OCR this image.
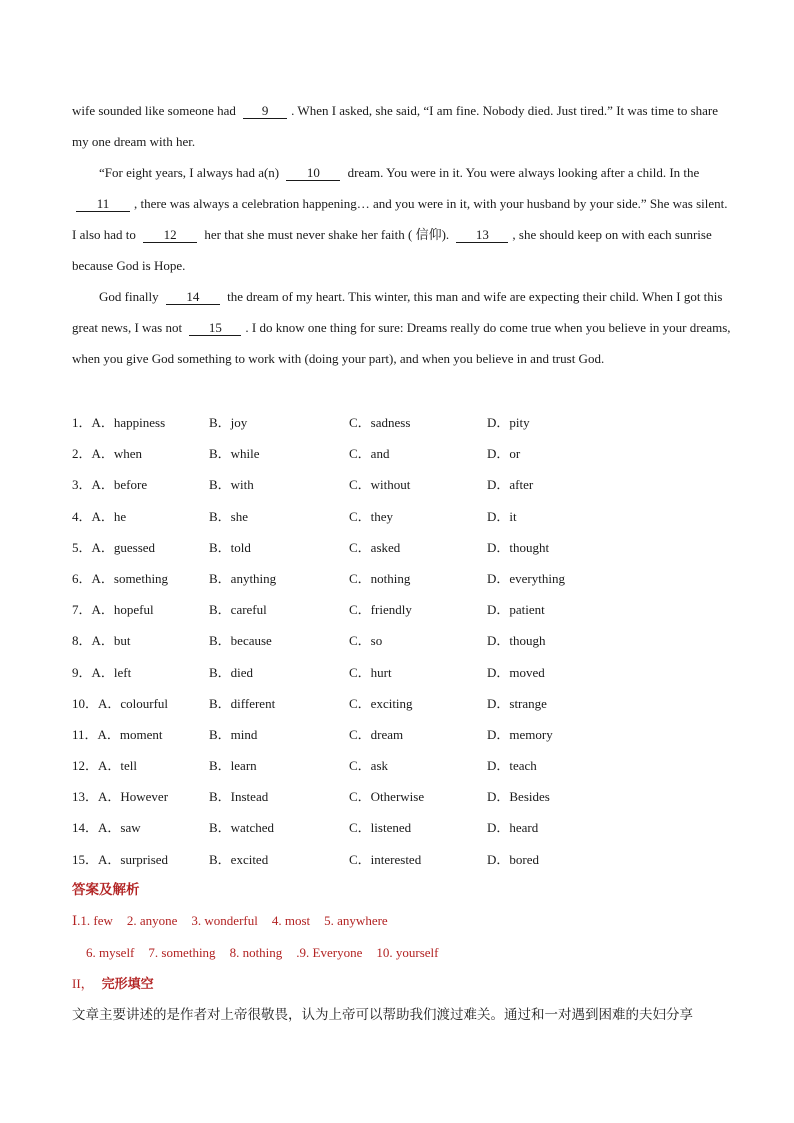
wife sounded like someone had 9 . When I asked, she said, “I am fine. Nobody died. Just tired.” It was time to share my one dream with her.

“For eight years, I always had a(n) 10 dream. You were in it. You were always looking after a child. In the 11 , there was always a celebration happening… and you were in it, with your husband by your side.” She was silent. I also had to 12 her that she must never shake her faith ( 信仰). 13 , she should keep on with each sunrise because God is Hope.

God finally 14 the dream of my heart. This winter, this man and wife are expecting their child. When I got this great news, I was not 15 . I do know one thing for sure: Dreams really do come true when you believe in your dreams, when you give God something to work with (doing your part), and when you believe in and trust God.

1．A．happiness	B．joy	C．sadness	D．pity
2．A．when	B．while	C．and	D．or
3．A．before	B．with	C．without	D．after
4．A．he	B．she	C．they	D．it
5．A．guessed	B．told	C．asked	D．thought
6．A．something	B．anything	C．nothing	D．everything
7．A．hopeful	B．careful	C．friendly	D．patient
8．A．but	B．because	C．so	D．though
9．A．left	B．died	C．hurt	D．moved
10．A．colourful	B．different	C．exciting	D．strange
11．A．moment	B．mind	C．dream	D．memory
12．A．tell	B．learn	C．ask	D．teach
13．A．However	B．Instead	C．Otherwise	D．Besides
14．A．saw	B．watched	C．listened	D．heard
15．A．surprised	B．excited	C．interested	D．bored
答案及解析
Ⅰ.1. few 2. anyone 3. wonderful 4. most 5. anywhere
6. myself 7. something 8. nothing .9. Everyone 10. yourself
II， 完形填空
文章主要讲述的是作者对上帝很敬畏，认为上帝可以帮助我们渡过难关。通过和一对遇到困难的夫妇分享
